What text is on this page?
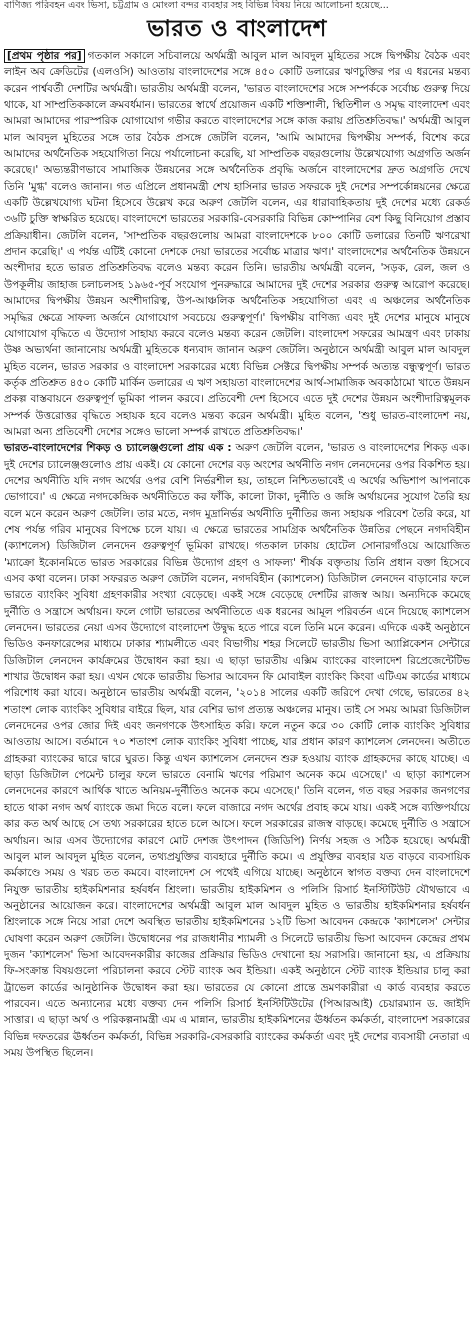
বাণিজ্য পরিবহন এবং ভিসা, চট্টগ্রাম ও মোংলা বন্দর ব্যবহার সহ বিভিন্ন বিষয় নিয়ে আলোচনা হয়েছে...
ভারত ও বাংলাদেশ

[প্রথম পৃষ্ঠার পর] গতকাল সকালে সচিবালয়ে অর্থমন্ত্রী আবুল মাল আবদুল মুহিতের সঙ্গে দ্বিপক্ষীয় বৈঠক এবং লাইন অব ক্রেডিটের (এলওসি) আওতায় বাংলাদেশের সঙ্গে ৪৫০ কোটি ডলারের ঋণচুক্তির পর এ ধরনের মন্তব্য করেন পার্শ্ববর্তী দেশটির অর্থমন্ত্রী। ভারতীয় অর্থমন্ত্রী বলেন, 'ভারত বাংলাদেশের সঙ্গে সম্পর্ককে সর্বোচ্চ গুরুত্ব দিয়ে থাকে, যা সাম্প্রতিককালে ক্রমবর্ধমান। ভারতের স্বার্থে প্রয়োজন একটি শক্তিশালী, স্থিতিশীল ও সমৃদ্ধ বাংলাদেশ এবং আমরা আমাদের পারস্পরিক যোগাযোগ গভীর করতে বাংলাদেশের সঙ্গে কাজ করায় প্রতিশ্রুতিবদ্ধ।' অর্থমন্ত্রী আবুল মাল আবদুল মুহিতের সঙ্গে তার বৈঠক প্রসঙ্গে জেটলি বলেন, 'আমি আমাদের দ্বিপক্ষীয় সম্পর্ক, বিশেষ করে আমাদের অর্থনৈতিক সহযোগিতা নিয়ে পর্যালোচনা করেছি, যা সাম্প্রতিক বছরগুলোয় উল্লেখযোগ্য অগ্রগতি অর্জন করেছে।' অভ্যন্তরীণভাবে সামাজিক উন্নয়নের সঙ্গে অর্থনৈতিক প্রবৃদ্ধি অর্জনে বাংলাদেশের দ্রুত অগ্রগতি দেখে তিনি 'মুগ্ধ' বলেও জানান। গত এপ্রিলে প্রধানমন্ত্রী শেখ হাসিনার ভারত সফরকে দুই দেশের সম্পর্কোন্নয়নের ক্ষেত্রে একটি উল্লেখযোগ্য ঘটনা হিসেবে উল্লেখ করে অরুণ জেটলি বলেন, এর ধারাবাহিকতায় দুই দেশের মধ্যে রেকর্ড ৩৬টি চুক্তি স্বাক্ষরিত হয়েছে। বাংলাদেশে ভারতের সরকারি-বেসরকারি বিভিন্ন কোম্পানির বেশ কিছু বিনিয়োগ প্রস্তাব প্রক্রিয়াধীন। জেটলি বলেন, 'সাম্প্রতিক বছরগুলোয় আমরা বাংলাদেশকে ৮০০ কোটি ডলারের তিনটি ঋণরেখা প্রদান করেছি।' এ পর্যন্ত এটিই কোনো দেশকে দেয়া ভারতের সর্বোচ্চ মাত্রার ঋণ।' বাংলাদেশের অর্থনৈতিক উন্নয়নে অংশীদার হতে ভারত প্রতিশ্রুতিবদ্ধ বলেও মন্তব্য করেন তিনি। ভারতীয় অর্থমন্ত্রী বলেন, 'সড়ক, রেল, জল ও উপকূলীয় জাহাজ চলাচলসহ ১৯৬৫-পূর্ব সংযোগ পুনরুদ্ধারে আমাদের দুই দেশের সরকার গুরুত্ব আরোপ করেছে। আমাদের দ্বিপক্ষীয় উন্নয়ন অংশীদারিত্ব, উপ-আঞ্চলিক অর্থনৈতিক সহযোগিতা এবং এ অঞ্চলের অর্থনৈতিক সমৃদ্ধির ক্ষেত্রে সাফল্য অর্জনে যোগাযোগ সবচেয়ে গুরুত্বপূর্ণ।' দ্বিপক্ষীয় বাণিজ্য এবং দুই দেশের মানুষে মানুষে যোগাযোগ বৃদ্ধিতে এ উদ্যোগ সাহায্য করবে বলেও মন্তব্য করেন জেটলি। বাংলাদেশ সফরের আমন্ত্রণ এবং ঢাকায় উষ্ণ অভ্যর্থনা জানানোয় অর্থমন্ত্রী মুহিতকে ধন্যবাদ জানান অরুণ জেটলি। অনুষ্ঠানে অর্থমন্ত্রী আবুল মাল আবদুল মুহিত বলেন, ভারত সরকার ও বাংলাদেশ সরকারের মধ্যে বিভিন্ন সেক্টরে দ্বিপক্ষীয় সম্পর্ক অত্যন্ত বন্ধুত্বপূর্ণ। ভারত কর্তৃক প্রতিশ্রুত ৪৫০ কোটি মার্কিন ডলারের এ ঋণ সহায়তা বাংলাদেশের আর্থ-সামাজিক অবকাঠামো খাতে উন্নয়ন প্রকল্প বাস্তবায়নে গুরুত্বপূর্ণ ভূমিকা পালন করবে। প্রতিবেশী দেশ হিসেবে এতে দুই দেশের উন্নয়ন অংশীদারিত্বমূলক সম্পর্ক উত্তরোত্তর বৃদ্ধিতে সহায়ক হবে বলেও মন্তব্য করেন অর্থমন্ত্রী। মুহিত বলেন, 'শুধু ভারত-বাংলাদেশ নয়, আমরা অন্য প্রতিবেশী দেশের সঙ্গেও ভালো সম্পর্ক রাখতে প্রতিশ্রুতিবদ্ধ।'

ভারত-বাংলাদেশের শিকড় ও চ্যালেঞ্জগুলো প্রায় এক : অরুণ জেটলি বলেন, 'ভারত ও বাংলাদেশের শিকড় এক। দুই দেশের চ্যালেঞ্জগুলোও প্রায় একই। যে কোনো দেশের বড় অংশের অর্থনীতি নগদ লেনদেনের ওপর বিকশিত হয়। দেশের অর্থনীতি যদি নগদ অর্থের ওপর বেশি নির্ভরশীল হয়, তাহলে নিশ্চিতভাবেই এ অর্থের অভিশাপ আপনাকে ভোগাবে।' এ ক্ষেত্রে নগদকেন্দ্রিক অর্থনীতিতে কর ফাঁকি, কালো টাকা, দুর্নীতি ও জঙ্গি অর্থায়নের সুযোগ তৈরি হয় বলে মনে করেন অরুণ জেটলি। তার মতে, নগদ মুদ্রানির্ভর অর্থনীতি দুর্নীতির জন্য সহায়ক পরিবেশ তৈরি করে, যা শেষ পর্যন্ত গরিব মানুষের বিপক্ষে চলে যায়। এ ক্ষেত্রে ভারতের সামগ্রিক অর্থনৈতিক উন্নতির পেছনে নগদবিহীন (ক্যাশলেস) ডিজিটাল লেনদেন গুরুত্বপূর্ণ ভূমিকা রাখছে। গতকাল ঢাকায় হোটেল সোনারগাঁওয়ে আয়োজিত 'ম্যাক্রো ইকোনমিতে ভারত সরকারের বিভিন্ন উদ্যোগ গ্রহণ ও সাফল্য' শীর্ষক বক্তৃতায় তিনি প্রধান বক্তা হিসেবে এসব কথা বলেন। ঢাকা সফররত অরুণ জেটলি বলেন, নগদবিহীন (ক্যাশলেস) ডিজিটাল লেনদেন বাড়ানোর ফলে ভারতে ব্যাংকিং সুবিধা গ্রহণকারীর সংখ্যা বেড়েছে। একই সঙ্গে বেড়েছে দেশটির রাজস্ব আয়। অন্যদিকে কমেছে দুর্নীতি ও সন্ত্রাসে অর্থায়ন। ফলে গোটা ভারতের অর্থনীতিতে এক ধরনের আমূল পরিবর্তন এনে দিয়েছে ক্যাশলেস লেনদেন। ভারতের নেয়া এসব উদ্যোগে বাংলাদেশ উদ্বুদ্ধ হতে পারে বলে তিনি মনে করেন। এদিকে একই অনুষ্ঠানে ভিডিও কনফারেন্সের মাধ্যমে ঢাকার শ্যামলীতে এবং বিভাগীয় শহর সিলেটে ভারতীয় ভিসা অ্যাপ্লিকেশন সেন্টারে ডিজিটাল লেনদেন কার্যক্রমের উদ্বোধন করা হয়। এ ছাড়া ভারতীয় এক্সিম ব্যাংকের বাংলাদেশ রিপ্রেজেন্টেটিভ শাখার উদ্বোধন করা হয়। এখন থেকে ভারতীয় ভিসার আবেদন ফি মোবাইল ব্যাংকিং কিংবা এটিএম কার্ডের মাধ্যমে পরিশোধ করা যাবে। অনুষ্ঠানে ভারতীয় অর্থমন্ত্রী বলেন, '২০১৪ সালের একটি জরিপে দেখা গেছে, ভারতের ৪২ শতাংশ লোক ব্যাংকিং সুবিধার বাইরে ছিল, যার বেশির ভাগ প্রত্যন্ত অঞ্চলের মানুষ। তাই সে সময় আমরা ডিজিটাল লেনদেনের ওপর জোর দিই এবং জনগণকে উৎসাহিত করি। ফলে নতুন করে ৩০ কোটি লোক ব্যাংকিং সুবিধার আওতায় আসে। বর্তমানে ৭০ শতাংশ লোক ব্যাংকিং সুবিধা পাচ্ছে, যার প্রধান কারণ ক্যাশলেস লেনদেন। অতীতে গ্রাহকরা ব্যাংকের দ্বারে দ্বারে ঘুরত। কিন্তু এখন ক্যাশলেস লেনদেন শুরু হওয়ায় ব্যাংক গ্রাহকদের কাছে যাচ্ছে। এ ছাড়া ডিজিটাল পেমেন্ট চালুর ফলে ভারতে বেনামি ঋণের পরিমাণ অনেক কমে এসেছে।' এ ছাড়া ক্যাশলেস লেনদেনের কারণে আর্থিক খাতে অনিয়ম-দুর্নীতিও অনেক কমে এসেছে।' তিনি বলেন, গত বছর সরকার জনগণের হাতে থাকা নগদ অর্থ ব্যাংকে জমা দিতে বলে। ফলে বাজারে নগদ অর্থের প্রবাহ কমে যায়। একই সঙ্গে ব্যক্তিপর্যায়ে কার কত অর্থ আছে সে তথ্য সরকারের হাতে চলে আসে। ফলে সরকারের রাজস্ব বাড়ছে। কমেছে দুর্নীতি ও সন্ত্রাসে অর্থায়ন। আর এসব উদ্যোগের কারণে মোট দেশজ উৎপাদন (জিডিপি) নির্ণয় সহজ ও সঠিক হয়েছে। অর্থমন্ত্রী আবুল মাল আবদুল মুহিত বলেন, তথ্যপ্রযুক্তির ব্যবহারে দুর্নীতি কমে। এ প্রযুক্তির ব্যবহার যত বাড়বে ব্যবসায়িক কর্মকাণ্ডে সময় ও খরচ তত কমবে। বাংলাদেশ সে পথেই এগিয়ে যাচ্ছে। অনুষ্ঠানে স্বাগত বক্তব্য দেন বাংলাদেশে নিযুক্ত ভারতীয় হাইকমিশনার হর্ষবর্ধন শ্রিংলা। ভারতীয় হাইকমিশন ও পলিসি রিসার্চ ইনস্টিটিউট যৌথভাবে এ অনুষ্ঠানের আয়োজন করে। বাংলাদেশের অর্থমন্ত্রী আবুল মাল আবদুল মুহিত ও ভারতীয় হাইকমিশনার হর্ষবর্ধন শ্রিংলাকে সঙ্গে নিয়ে সারা দেশে অবস্থিত ভারতীয় হাইকমিশনের ১২টি ভিসা আবেদন কেন্দ্রকে 'ক্যাশলেস' সেন্টার ঘোষণা করেন অরুণ জেটলি। উদ্বোধনের পর রাজধানীর শ্যামলী ও সিলেটে ভারতীয় ভিসা আবেদন কেন্দ্রের প্রথম দুজন 'ক্যাশলেস' ভিসা আবেদনকারীর কাজের প্রক্রিয়ার ভিডিও দেখানো হয় সরাসরি। জানানো হয়, এ প্রক্রিয়ায় ফি-সংক্রান্ত বিষয়গুলো পরিচালনা করবে স্টেট ব্যাংক অব ইন্ডিয়া। একই অনুষ্ঠানে স্টেট ব্যাংক ইন্ডিয়ার চালু করা ট্রাভেল কার্ডের আনুষ্ঠানিক উদ্বোধন করা হয়। ভারতের যে কোনো প্রান্তে ভ্রমণকারীরা এ কার্ড ব্যবহার করতে পারবেন। এতে অন্যান্যের মধ্যে বক্তব্য দেন পলিসি রিসার্চ ইনস্টিটিউটের (পিআরআই) চেয়ারম্যান ড. জাইদি সাত্তার। এ ছাড়া অর্থ ও পরিকল্পনামন্ত্রী এম এ মান্নান, ভারতীয় হাইকমিশনের ঊর্ধ্বতন কর্মকর্তা, বাংলাদেশ সরকারের বিভিন্ন দফতরের ঊর্ধ্বতন কর্মকর্তা, বিভিন্ন সরকারি-বেসরকারি ব্যাংকের কর্মকর্তা এবং দুই দেশের ব্যবসায়ী নেতারা এ সময় উপস্থিত ছিলেন।
